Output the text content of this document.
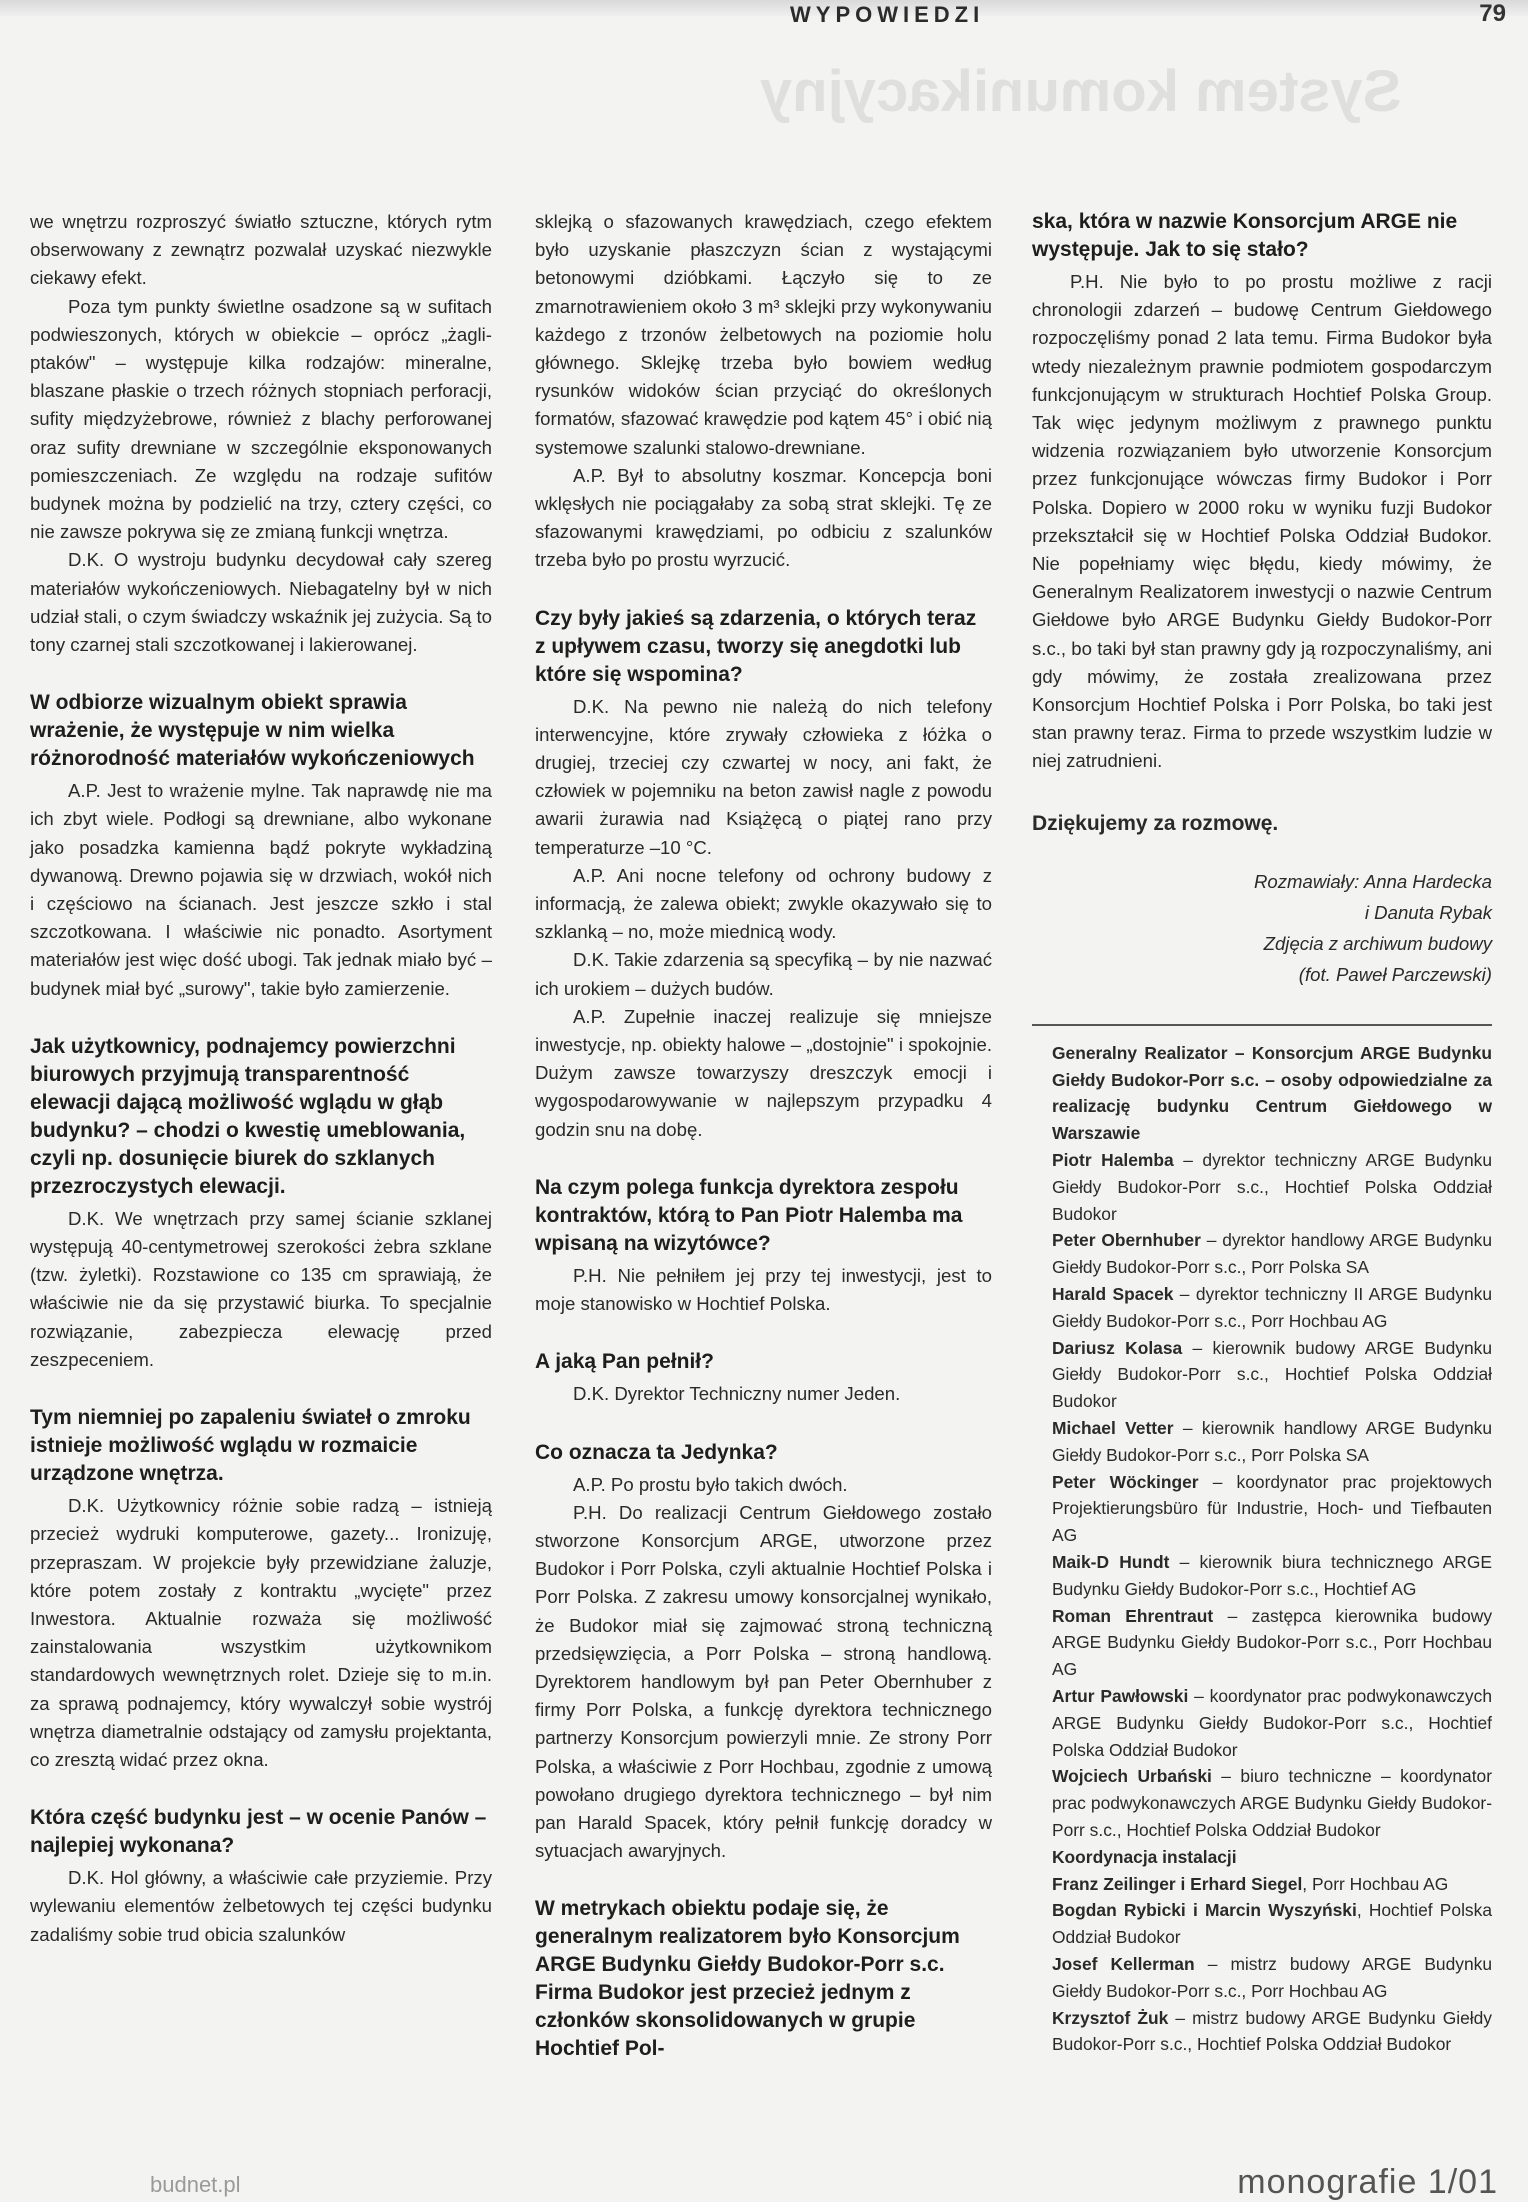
WYPOWIEDZI	79
System komunikacyjny

we wnętrzu rozproszyć światło sztuczne, których rytm obserwowany z zewnątrz pozwalał uzyskać niezwykle ciekawy efekt.

Poza tym punkty świetlne osadzone są w sufitach podwieszonych, których w obiekcie – oprócz „żagli-ptaków" – występuje kilka rodzajów: mineralne, blaszane płaskie o trzech różnych stopniach perforacji, sufity międzyżebrowe, również z blachy perforowanej oraz sufity drewniane w szczególnie eksponowanych pomieszczeniach. Ze względu na rodzaje sufitów budynek można by podzielić na trzy, cztery części, co nie zawsze pokrywa się ze zmianą funkcji wnętrza.

D.K. O wystroju budynku decydował cały szereg materiałów wykończeniowych. Niebagatelny był w nich udział stali, o czym świadczy wskaźnik jej zużycia. Są to tony czarnej stali szczotkowanej i lakierowanej.

W odbiorze wizualnym obiekt sprawia wrażenie, że występuje w nim wielka różnorodność materiałów wykończeniowych

A.P. Jest to wrażenie mylne. Tak naprawdę nie ma ich zbyt wiele. Podłogi są drewniane, albo wykonane jako posadzka kamienna bądź pokryte wykładziną dywanową. Drewno pojawia się w drzwiach, wokół nich i częściowo na ścianach. Jest jeszcze szkło i stal szczotkowana. I właściwie nic ponadto. Asortyment materiałów jest więc dość ubogi. Tak jednak miało być – budynek miał być „surowy", takie było zamierzenie.

Jak użytkownicy, podnajemcy powierzchni biurowych przyjmują transparentność elewacji dającą możliwość wglądu w głąb budynku? – chodzi o kwestię umeblowania, czyli np. dosunięcie biurek do szklanych przezroczystych elewacji.

D.K. We wnętrzach przy samej ścianie szklanej występują 40-centymetrowej szerokości żebra szklane (tzw. żyletki). Rozstawione co 135 cm sprawiają, że właściwie nie da się przystawić biurka. To specjalnie rozwiązanie, zabezpiecza elewację przed zeszpeceniem.

Tym niemniej po zapaleniu świateł o zmroku istnieje możliwość wglądu w rozmaicie urządzone wnętrza.

D.K. Użytkownicy różnie sobie radzą – istnieją przecież wydruki komputerowe, gazety... Ironizuję, przepraszam. W projekcie były przewidziane żaluzje, które potem zostały z kontraktu „wycięte" przez Inwestora. Aktualnie rozważa się możliwość zainstalowania wszystkim użytkownikom standardowych wewnętrznych rolet. Dzieje się to m.in. za sprawą podnajemcy, który wywalczył sobie wystrój wnętrza diametralnie odstający od zamysłu projektanta, co zresztą widać przez okna.

Która część budynku jest – w ocenie Panów – najlepiej wykonana?

D.K. Hol główny, a właściwie całe przyziemie. Przy wylewaniu elementów żelbetowych tej części budynku zadaliśmy sobie trud obicia szalunków

sklejką o sfazowanych krawędziach, czego efektem było uzyskanie płaszczyzn ścian z wystającymi betonowymi dzióbkami. Łączyło się to ze zmarnotrawieniem około 3 m³ sklejki przy wykonywaniu każdego z trzonów żelbetowych na poziomie holu głównego. Sklejkę trzeba było bowiem według rysunków widoków ścian przyciąć do określonych formatów, sfazować krawędzie pod kątem 45° i obić nią systemowe szalunki stalowo-drewniane.

A.P. Był to absolutny koszmar. Koncepcja boni wklęsłych nie pociągałaby za sobą strat sklejki. Tę ze sfazowanymi krawędziami, po odbiciu z szalunków trzeba było po prostu wyrzucić.

Czy były jakieś są zdarzenia, o których teraz z upływem czasu, tworzy się anegdotki lub które się wspomina?

D.K. Na pewno nie należą do nich telefony interwencyjne, które zrywały człowieka z łóżka o drugiej, trzeciej czy czwartej w nocy, ani fakt, że człowiek w pojemniku na beton zawisł nagle z powodu awarii żurawia nad Książęcą o piątej rano przy temperaturze –10 °C.

A.P. Ani nocne telefony od ochrony budowy z informacją, że zalewa obiekt; zwykle okazywało się to szklanką – no, może miednicą wody.

D.K. Takie zdarzenia są specyfiką – by nie nazwać ich urokiem – dużych budów.

A.P. Zupełnie inaczej realizuje się mniejsze inwestycje, np. obiekty halowe – „dostojnie" i spokojnie. Dużym zawsze towarzyszy dreszczyk emocji i wygospodarowywanie w najlepszym przypadku 4 godzin snu na dobę.

Na czym polega funkcja dyrektora zespołu kontraktów, którą to Pan Piotr Halemba ma wpisaną na wizytówce?

P.H. Nie pełniłem jej przy tej inwestycji, jest to moje stanowisko w Hochtief Polska.

A jaką Pan pełnił?

D.K. Dyrektor Techniczny numer Jeden.

Co oznacza ta Jedynka?

A.P. Po prostu było takich dwóch.

P.H. Do realizacji Centrum Giełdowego zostało stworzone Konsorcjum ARGE, utworzone przez Budokor i Porr Polska, czyli aktualnie Hochtief Polska i Porr Polska. Z zakresu umowy konsorcjalnej wynikało, że Budokor miał się zajmować stroną techniczną przedsięwzięcia, a Porr Polska – stroną handlową. Dyrektorem handlowym był pan Peter Obernhuber z firmy Porr Polska, a funkcję dyrektora technicznego partnerzy Konsorcjum powierzyli mnie. Ze strony Porr Polska, a właściwie z Porr Hochbau, zgodnie z umową powołano drugiego dyrektora technicznego – był nim pan Harald Spacek, który pełnił funkcję doradcy w sytuacjach awaryjnych.

W metrykach obiektu podaje się, że generalnym realizatorem było Konsorcjum ARGE Budynku Giełdy Budokor-Porr s.c. Firma Budokor jest przecież jednym z członków skonsolidowanych w grupie Hochtief Pol-
ska, która w nazwie Konsorcjum ARGE nie występuje. Jak to się stało?

P.H. Nie było to po prostu możliwe z racji chronologii zdarzeń – budowę Centrum Giełdowego rozpoczęliśmy ponad 2 lata temu. Firma Budokor była wtedy niezależnym prawnie podmiotem gospodarczym funkcjonującym w strukturach Hochtief Polska Group. Tak więc jedynym możliwym z prawnego punktu widzenia rozwiązaniem było utworzenie Konsorcjum przez funkcjonujące wówczas firmy Budokor i Porr Polska. Dopiero w 2000 roku w wyniku fuzji Budokor przekształcił się w Hochtief Polska Oddział Budokor. Nie popełniamy więc błędu, kiedy mówimy, że Generalnym Realizatorem inwestycji o nazwie Centrum Giełdowe było ARGE Budynku Giełdy Budokor-Porr s.c., bo taki był stan prawny gdy ją rozpoczynaliśmy, ani gdy mówimy, że została zrealizowana przez Konsorcjum Hochtief Polska i Porr Polska, bo taki jest stan prawny teraz. Firma to przede wszystkim ludzie w niej zatrudnieni.

Dziękujemy za rozmowę.
Rozmawiały: Anna Hardecka
i Danuta Rybak
Zdjęcia z archiwum budowy
(fot. Paweł Parczewski)

Generalny Realizator – Konsorcjum ARGE Budynku Giełdy Budokor-Porr s.c. – osoby odpowiedzialne za realizację budynku Centrum Giełdowego w Warszawie

Piotr Halemba – dyrektor techniczny ARGE Budynku Giełdy Budokor-Porr s.c., Hochtief Polska Oddział Budokor

Peter Obernhuber – dyrektor handlowy ARGE Budynku Giełdy Budokor-Porr s.c., Porr Polska SA

Harald Spacek – dyrektor techniczny II ARGE Budynku Giełdy Budokor-Porr s.c., Porr Hochbau AG

Dariusz Kolasa – kierownik budowy ARGE Budynku Giełdy Budokor-Porr s.c., Hochtief Polska Oddział Budokor

Michael Vetter – kierownik handlowy ARGE Budynku Giełdy Budokor-Porr s.c., Porr Polska SA

Peter Wöckinger – koordynator prac projektowych Projektierungsbüro für Industrie, Hoch- und Tiefbauten AG

Maik-D Hundt – kierownik biura technicznego ARGE Budynku Giełdy Budokor-Porr s.c., Hochtief AG

Roman Ehrentraut – zastępca kierownika budowy ARGE Budynku Giełdy Budokor-Porr s.c., Porr Hochbau AG

Artur Pawłowski – koordynator prac podwykonawczych ARGE Budynku Giełdy Budokor-Porr s.c., Hochtief Polska Oddział Budokor

Wojciech Urbański – biuro techniczne – koordynator prac podwykonawczych ARGE Budynku Giełdy Budokor-Porr s.c., Hochtief Polska Oddział Budokor

Koordynacja instalacji

Franz Zeilinger i Erhard Siegel, Porr Hochbau AG

Bogdan Rybicki i Marcin Wyszyński, Hochtief Polska Oddział Budokor

Josef Kellerman – mistrz budowy ARGE Budynku Giełdy Budokor-Porr s.c., Porr Hochbau AG

Krzysztof Żuk – mistrz budowy ARGE Budynku Giełdy Budokor-Porr s.c., Hochtief Polska Oddział Budokor

budnet.pl	monografie 1/01
